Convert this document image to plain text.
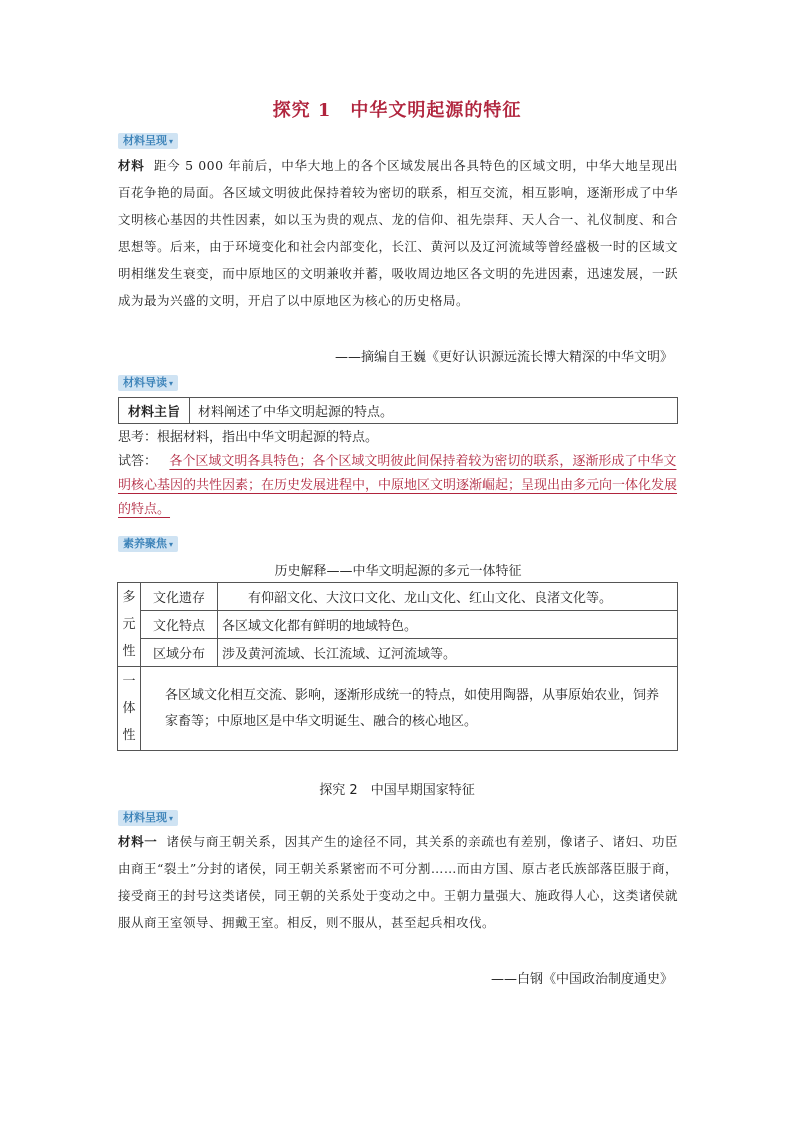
探究 1　中华文明起源的特征
材料呈现 ▾
材料 距今 5 000 年前后，中华大地上的各个区域发展出各具特色的区域文明，中华大地呈现出百花争艳的局面。各区域文明彼此保持着较为密切的联系，相互交流，相互影响，逐渐形成了中华文明核心基因的共性因素，如以玉为贵的观点、龙的信仰、祖先崇拜、天人合一、礼仪制度、和合思想等。后来，由于环境变化和社会内部变化，长江、黄河以及辽河流域等曾经盛极一时的区域文明相继发生衰变，而中原地区的文明兼收并蓄，吸收周边地区各文明的先进因素，迅速发展，一跃成为最为兴盛的文明，开启了以中原地区为核心的历史格局。
——摘编自王巍《更好认识源远流长博大精深的中华文明》
材料导读 ▾
材料主旨	材料阐述了中华文明起源的特点。
思考：根据材料，指出中华文明起源的特点。
试答： 各个区域文明各具特色；各个区域文明彼此间保持着较为密切的联系，逐渐形成了中华文明核心基因的共性因素；在历史发展进程中，中原地区文明逐渐崛起；呈现出由多元向一体化发展的特点。
素养聚焦 ▾
历史解释——中华文明起源的多元一体特征
多元性	文化遗存	有仰韶文化、大汶口文化、龙山文化、红山文化、良渚文化等。
	文化特点	各区域文化都有鲜明的地域特色。
	区域分布	涉及黄河流域、长江流域、辽河流域等。
一体性	各区域文化相互交流、影响，逐渐形成统一的特点，如使用陶器，从事原始农业，饲养家畜等；中原地区是中华文明诞生、融合的核心地区。	
探究 2　中国早期国家特征
材料呈现 ▾
材料一 诸侯与商王朝关系，因其产生的途径不同，其关系的亲疏也有差别，像诸子、诸妇、功臣由商王“裂土”分封的诸侯，同王朝关系紧密而不可分割……而由方国、原古老氏族部落臣服于商，接受商王的封号这类诸侯，同王朝的关系处于变动之中。王朝力量强大、施政得人心，这类诸侯就服从商王室领导、拥戴王室。相反，则不服从，甚至起兵相攻伐。
——白钢《中国政治制度通史》
